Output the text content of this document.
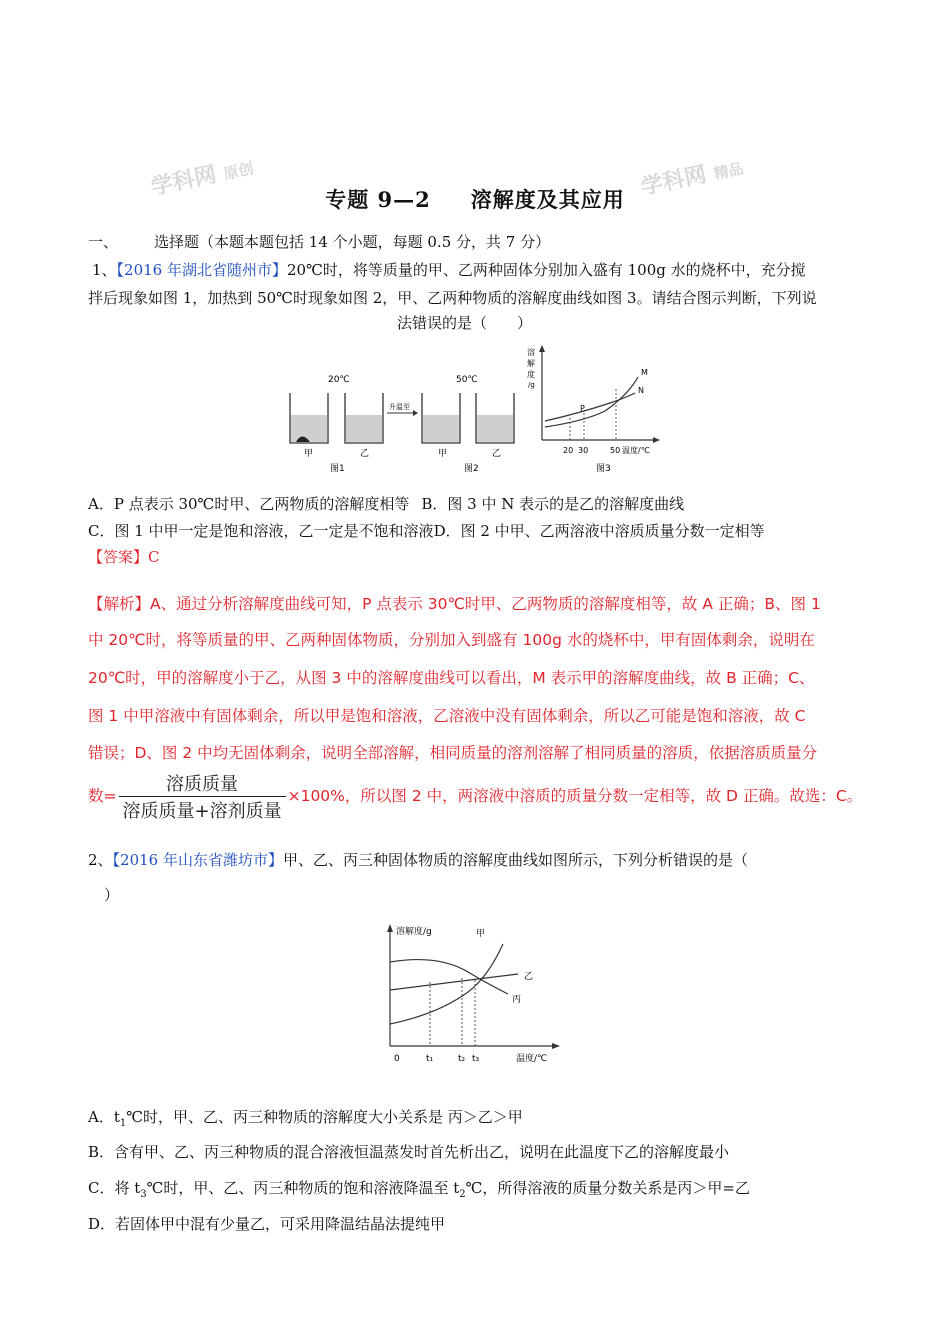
学科网 原创	学科网 精品
专题 9—2 溶解度及其应用
一、 选择题（本题本题包括 14 个小题，每题 0.5 分，共 7 分）
1、【2016 年湖北省随州市】20℃时，将等质量的甲、乙两种固体分别加入盛有 100g 水的烧杯中，充分搅
拌后现象如图 1，加热到 50℃时现象如图 2，甲、乙两种物质的溶解度曲线如图 3。请结合图示判断，下列说
法错误的是（　　）
20℃
甲	乙
图1
升温至
50℃
甲	乙
图2
溶
解
度
/g
P
M
N
20 30	50 温度/℃
图3
A．P 点表示 30℃时甲、乙两物质的溶解度相等 B．图 3 中 N 表示的是乙的溶解度曲线
C．图 1 中甲一定是饱和溶液，乙一定是不饱和溶液D．图 2 中甲、乙两溶液中溶质质量分数一定相等
【答案】C
【解析】A、通过分析溶解度曲线可知，P 点表示 30℃时甲、乙两物质的溶解度相等，故 A 正确；B、图 1
中 20℃时，将等质量的甲、乙两种固体物质，分别加入到盛有 100g 水的烧杯中，甲有固体剩余，说明在
20℃时，甲的溶解度小于乙，从图 3 中的溶解度曲线可以看出，M 表示甲的溶解度曲线，故 B 正确；C、
图 1 中甲溶液中有固体剩余，所以甲是饱和溶液，乙溶液中没有固体剩余，所以乙可能是饱和溶液，故 C
错误；D、图 2 中均无固体剩余，说明全部溶解，相同质量的溶剂溶解了相同质量的溶质，依据溶质质量分
数= $\frac{\text{溶质质量}}{\text{溶质质量+溶剂质量}} \times 100\%$，所以图 2 中，两溶液中溶质的质量分数一定相等，故 D 正确。故选：C。
2、【2016 年山东省潍坊市】甲、乙、丙三种固体物质的溶解度曲线如图所示，下列分析错误的是（
）
溶解度/g	甲
乙
丙
0	t₁	t₂ t₃	温度/℃
A．$t_1℃$时，甲、乙、丙三种物质的溶解度大小关系是 丙＞乙＞甲
B．含有甲、乙、丙三种物质的混合溶液恒温蒸发时首先析出乙，说明在此温度下乙的溶解度最小
C．将 $t_3℃$时，甲、乙、丙三种物质的饱和溶液降温至 $t_2℃$，所得溶液的质量分数关系是丙＞甲=乙
D．若固体甲中混有少量乙，可采用降温结晶法提纯甲
